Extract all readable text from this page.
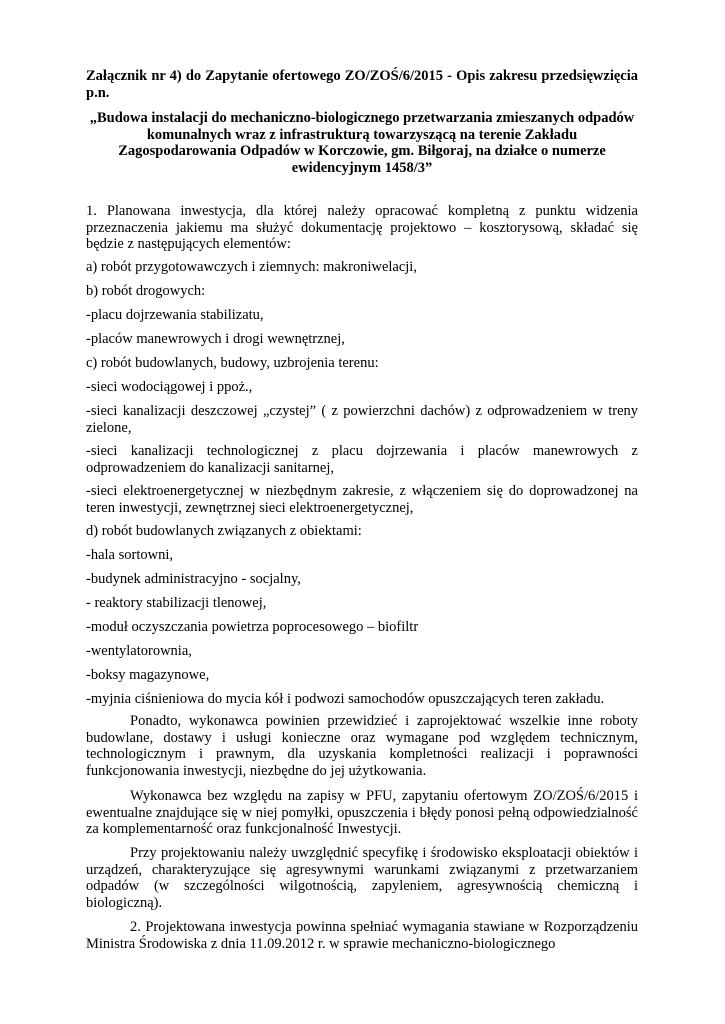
Załącznik nr 4) do Zapytanie ofertowego ZO/ZOŚ/6/2015 - Opis zakresu przedsięwzięcia p.n.

„Budowa instalacji do mechaniczno-biologicznego przetwarzania zmieszanych odpadów komunalnych wraz z infrastrukturą towarzyszącą na terenie Zakładu Zagospodarowania Odpadów w Korczowie, gm. Biłgoraj, na działce o numerze ewidencyjnym 1458/3”

1. Planowana inwestycja, dla której należy opracować kompletną z punktu widzenia przeznaczenia jakiemu ma służyć dokumentację projektowo – kosztorysową, składać się będzie z następujących elementów:

a) robót przygotowawczych i ziemnych: makroniwelacji,

b) robót drogowych:

-placu dojrzewania stabilizatu,

-placów manewrowych i drogi wewnętrznej,

c) robót budowlanych, budowy, uzbrojenia terenu:

-sieci wodociągowej i ppoż.,

-sieci kanalizacji deszczowej „czystej” ( z powierzchni dachów) z odprowadzeniem w treny zielone,

-sieci kanalizacji technologicznej z placu dojrzewania i placów manewrowych z odprowadzeniem do kanalizacji sanitarnej,

-sieci elektroenergetycznej w niezbędnym zakresie, z włączeniem się do doprowadzonej na teren inwestycji, zewnętrznej sieci elektroenergetycznej,

d) robót budowlanych związanych z obiektami:

-hala sortowni,

-budynek administracyjno - socjalny,

- reaktory stabilizacji tlenowej,

-moduł oczyszczania powietrza poprocesowego – biofiltr

-wentylatorownia,

-boksy magazynowe,

-myjnia ciśnieniowa do mycia kół i podwozi samochodów opuszczających teren zakładu.

Ponadto, wykonawca powinien przewidzieć i zaprojektować wszelkie inne roboty budowlane, dostawy i usługi konieczne oraz wymagane pod względem technicznym, technologicznym i prawnym, dla uzyskania kompletności realizacji i poprawności funkcjonowania inwestycji, niezbędne do jej użytkowania.

Wykonawca bez względu na zapisy w PFU, zapytaniu ofertowym ZO/ZOŚ/6/2015 i ewentualne znajdujące się w niej pomyłki, opuszczenia i błędy ponosi pełną odpowiedzialność za komplementarność oraz funkcjonalność Inwestycji.

Przy projektowaniu należy uwzględnić specyfikę i środowisko eksploatacji obiektów i urządzeń, charakteryzujące się agresywnymi warunkami związanymi z przetwarzaniem odpadów (w szczególności wilgotnością, zapyleniem, agresywnością chemiczną i biologiczną).

2. Projektowana inwestycja powinna spełniać wymagania stawiane w Rozporządzeniu Ministra Środowiska z dnia 11.09.2012 r. w sprawie mechaniczno-biologicznego
